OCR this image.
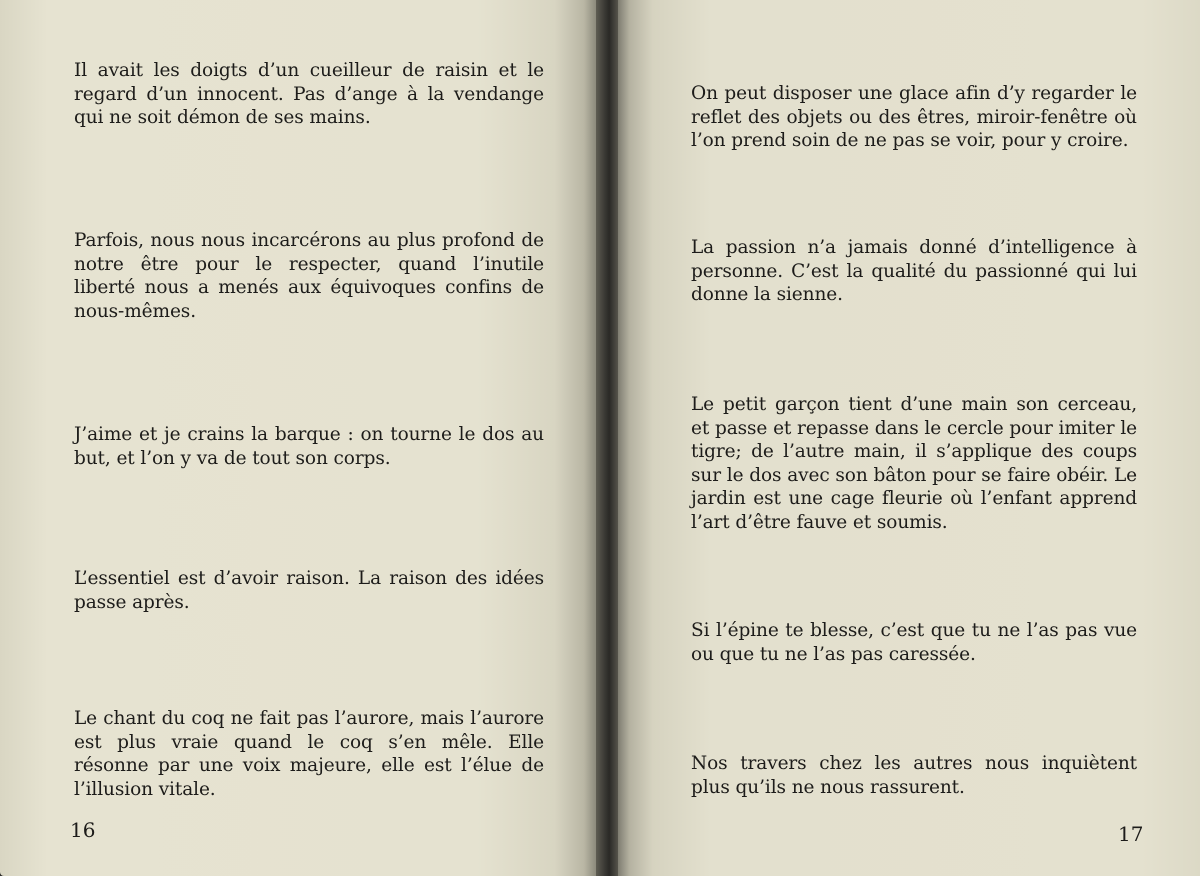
Il avait les doigts d’un cueilleur de raisin et le regard d’un innocent. Pas d’ange à la vendange qui ne soit démon de ses mains.

Parfois, nous nous incarcérons au plus profond de notre être pour le respecter, quand l’inutile liberté nous a menés aux équivoques confins de nous-mêmes.

J’aime et je crains la barque : on tourne le dos au but, et l’on y va de tout son corps.

L’essentiel est d’avoir raison. La raison des idées passe après.

Le chant du coq ne fait pas l’aurore, mais l’aurore est plus vraie quand le coq s’en mêle. Elle résonne par une voix majeure, elle est l’élue de l’illusion vitale.

16

On peut disposer une glace afin d’y regarder le reflet des objets ou des êtres, miroir-fenêtre où l’on prend soin de ne pas se voir, pour y croire.

La passion n’a jamais donné d’intelligence à personne. C’est la qualité du passionné qui lui donne la sienne.

Le petit garçon tient d’une main son cerceau, et passe et repasse dans le cercle pour imiter le tigre; de l’autre main, il s’applique des coups sur le dos avec son bâton pour se faire obéir. Le jardin est une cage fleurie où l’enfant apprend l’art d’être fauve et soumis.

Si l’épine te blesse, c’est que tu ne l’as pas vue ou que tu ne l’as pas caressée.

Nos travers chez les autres nous inquiètent plus qu’ils ne nous rassurent.

17
